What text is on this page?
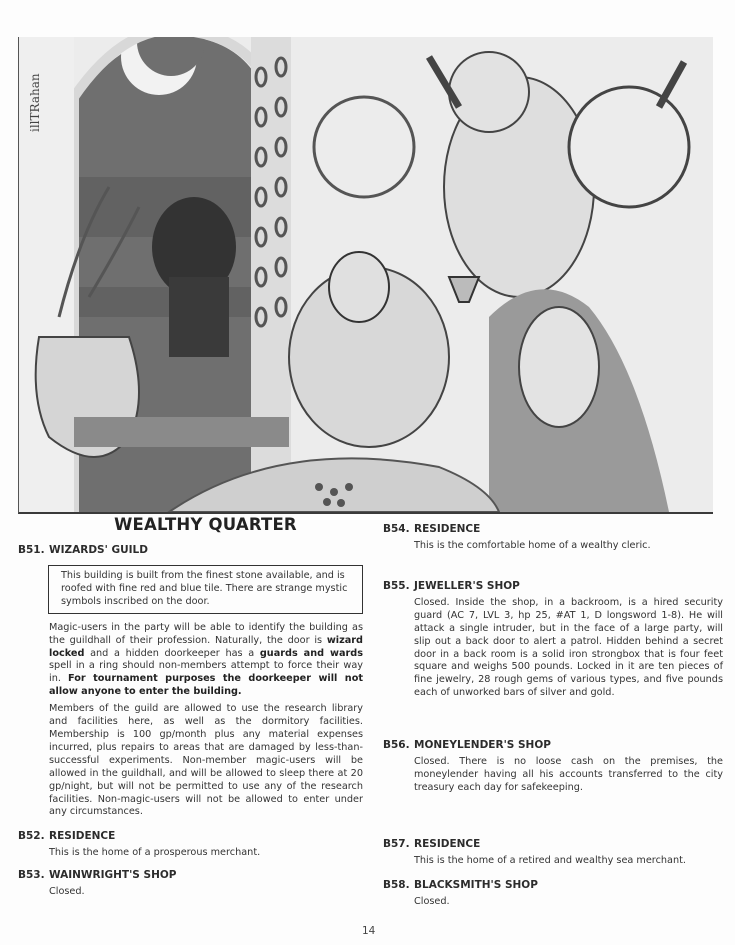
illTRahan
WEALTHY QUARTER
B51. WIZARDS' GUILD
This building is built from the finest stone available, and is roofed with fine red and blue tile. There are strange mystic symbols inscribed on the door.

Magic-users in the party will be able to identify the building as the guildhall of their profession. Naturally, the door is wizard locked and a hidden doorkeeper has a guards and wards spell in a ring should non-members attempt to force their way in. For tournament purposes the doorkeeper will not allow anyone to enter the building.

Members of the guild are allowed to use the research library and facilities here, as well as the dormitory facilities. Membership is 100 gp/month plus any material expenses incurred, plus repairs to areas that are damaged by less-than-successful experiments. Non-member magic-users will be allowed in the guildhall, and will be allowed to sleep there at 20 gp/night, but will not be permitted to use any of the research facilities. Non-magic-users will not be allowed to enter under any circumstances.

B52. RESIDENCE

This is the home of a prosperous merchant.

B53. WAINWRIGHT'S SHOP

Closed.

B54. RESIDENCE

This is the comfortable home of a wealthy cleric.

B55. JEWELLER'S SHOP

Closed. Inside the shop, in a backroom, is a hired security guard (AC 7, LVL 3, hp 25, #AT 1, D longsword 1-8). He will attack a single intruder, but in the face of a large party, will slip out a back door to alert a patrol. Hidden behind a secret door in a back room is a solid iron strongbox that is four feet square and weighs 500 pounds. Locked in it are ten pieces of fine jewelry, 28 rough gems of various types, and five pounds each of unworked bars of silver and gold.

B56. MONEYLENDER'S SHOP

Closed. There is no loose cash on the premises, the moneylender having all his accounts transferred to the city treasury each day for safekeeping.

B57. RESIDENCE

This is the home of a retired and wealthy sea merchant.

B58. BLACKSMITH'S SHOP

Closed.

14
